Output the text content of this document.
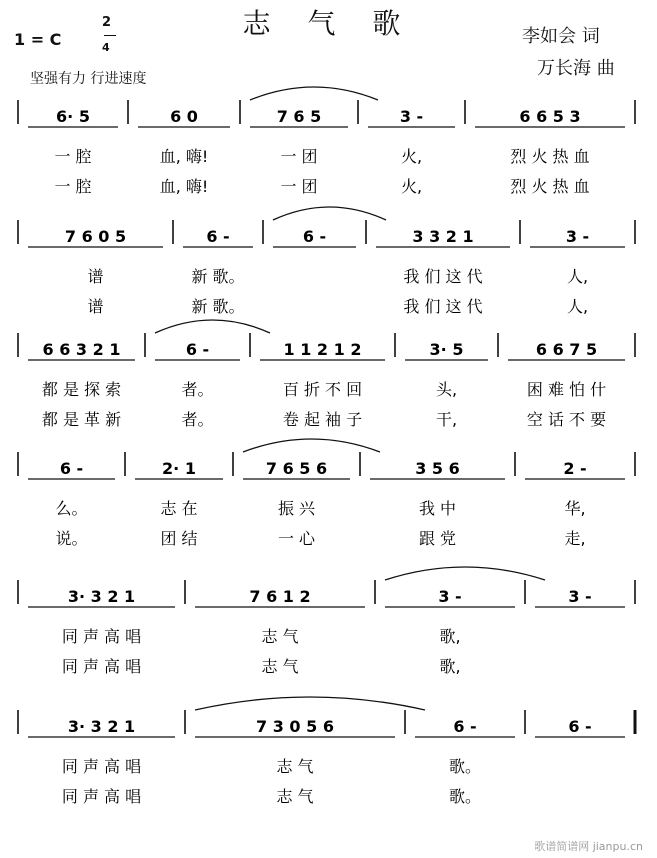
志 气 歌
1 = C
2
4
李如会 词
万长海 曲
坚强有力 行进速度
6· 5
一 腔
一 腔
6 0
血, 嗨!
血, 嗨!
7 6 5
一 团
一 团
3 -
火,
火,
6 6 5 3
烈 火 热 血
烈 火 热 血
7 6 0 5
谱
谱
6 -
新 歌。
新 歌。
6 -	3 3 2 1
我 们 这 代
我 们 这 代
3 -
人,
人,
6 6 3 2 1
都 是 探 索
都 是 革 新
6 -
者。
者。
1 1 2 1 2
百 折 不 回
卷 起 袖 子
3· 5
头,
干,
6 6 7 5
困 难 怕 什
空 话 不 要
6 -
么。
说。
2· 1
志 在
团 结
7 6 5 6
振 兴
一 心
3 5 6
我 中
跟 党
2 -
华,
走,
3· 3 2 1
同 声 高 唱
同 声 高 唱
7 6 1 2
志 气
志 气
3 -
歌,
歌,
3 -
3· 3 2 1
同 声 高 唱
同 声 高 唱
7 3 0 5 6
志 气
志 气
6 -
歌。
歌。
6 -
歌谱简谱网 jianpu.cn
